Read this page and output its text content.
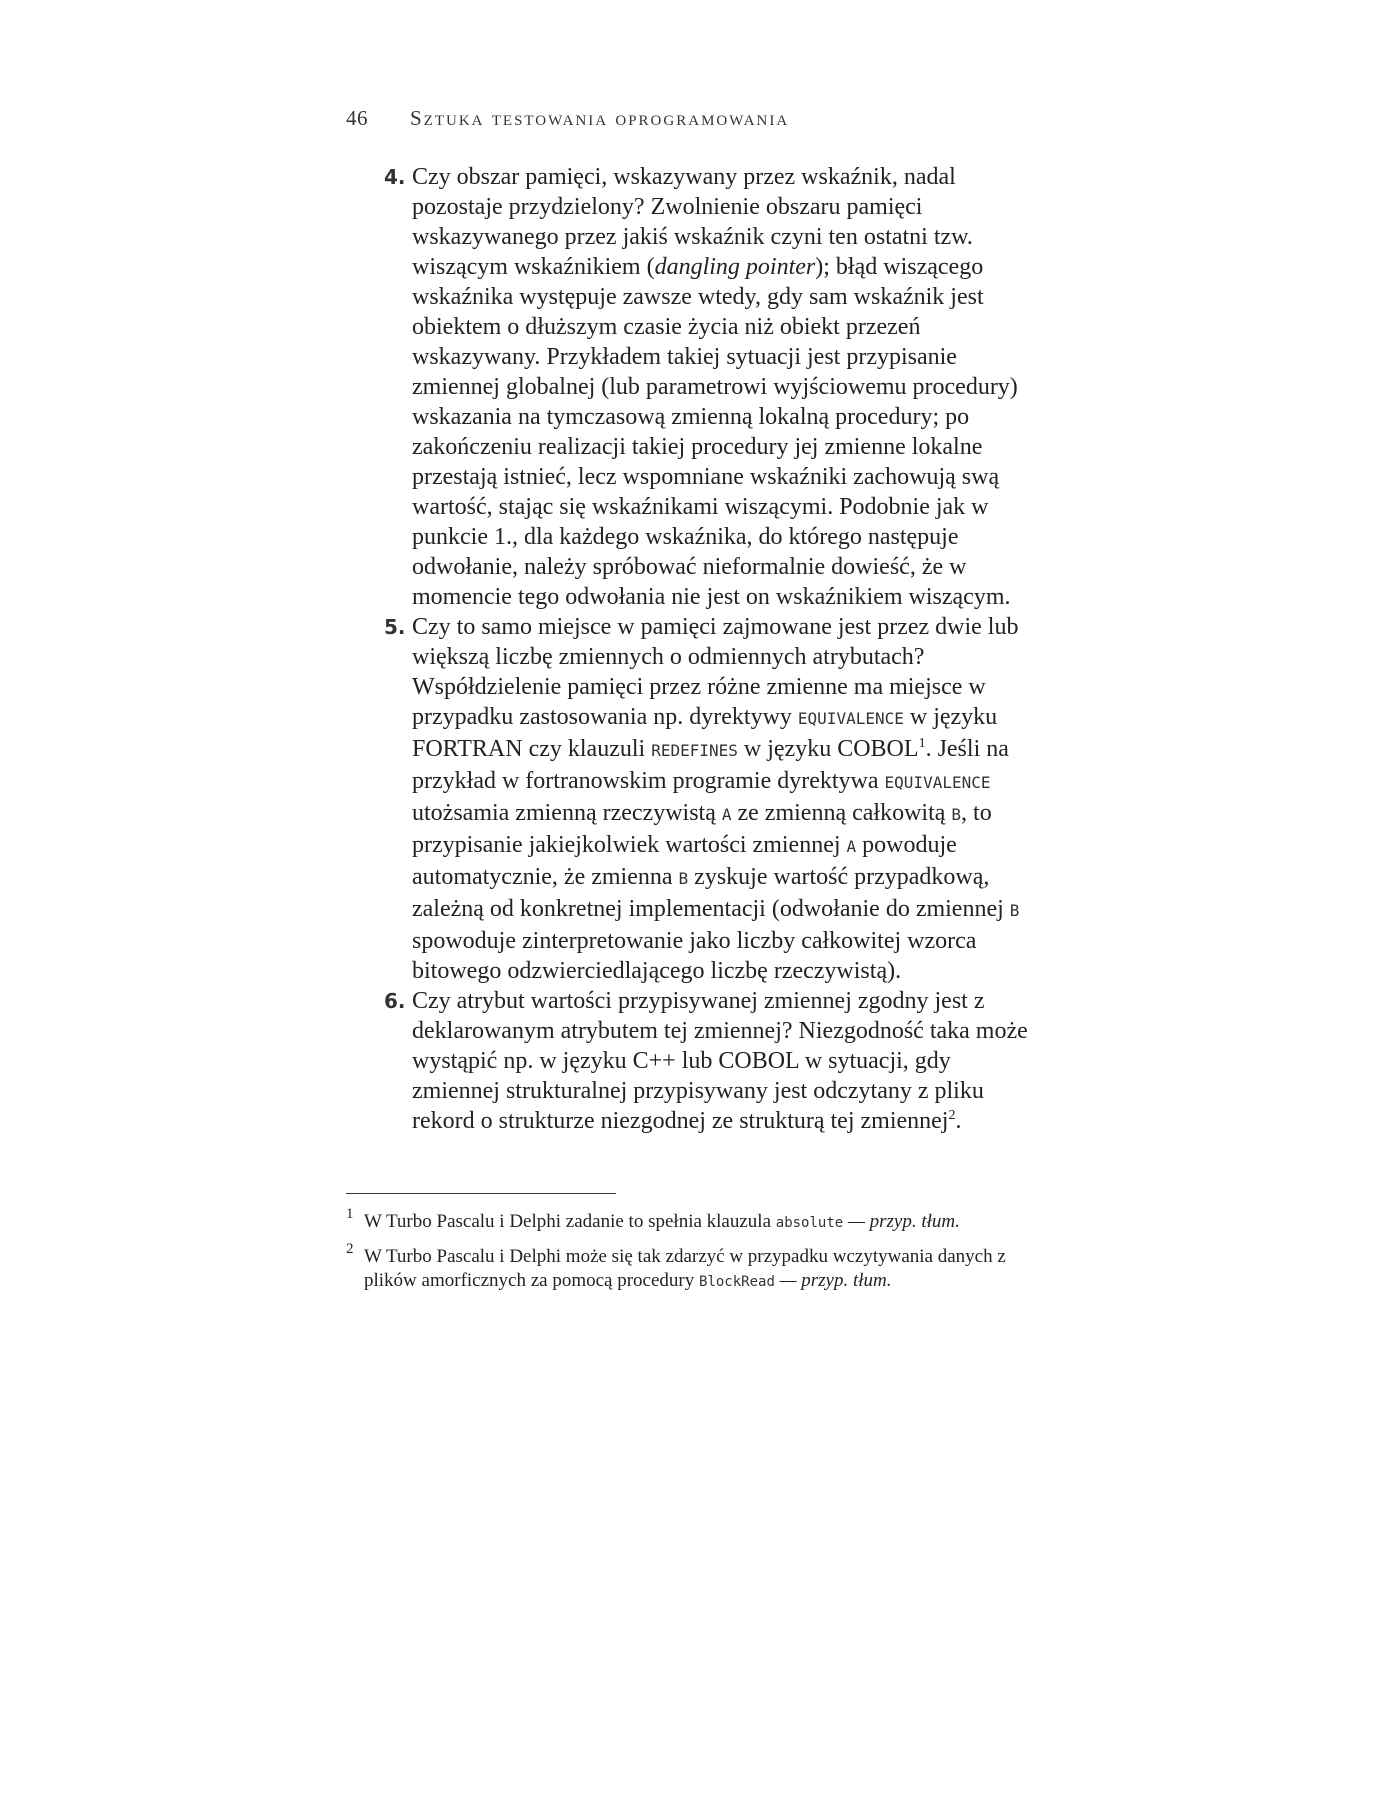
46 Sztuka testowania oprogramowania

4. Czy obszar pamięci, wskazywany przez wskaźnik, nadal pozostaje przydzielony? Zwolnienie obszaru pamięci wskazywanego przez jakiś wskaźnik czyni ten ostatni tzw. wiszącym wskaźnikiem (dangling pointer); błąd wiszącego wskaźnika występuje zawsze wtedy, gdy sam wskaźnik jest obiektem o dłuższym czasie życia niż obiekt przezeń wskazywany. Przykładem takiej sytuacji jest przypisanie zmiennej globalnej (lub parametrowi wyjściowemu procedury) wskazania na tymczasową zmienną lokalną procedury; po zakończeniu realizacji takiej procedury jej zmienne lokalne przestają istnieć, lecz wspomniane wskaźniki zachowują swą wartość, stając się wskaźnikami wiszącymi. Podobnie jak w punkcie 1., dla każdego wskaźnika, do którego następuje odwołanie, należy spróbować nieformalnie dowieść, że w momencie tego odwołania nie jest on wskaźnikiem wiszącym.

5. Czy to samo miejsce w pamięci zajmowane jest przez dwie lub większą liczbę zmiennych o odmiennych atrybutach? Współdzielenie pamięci przez różne zmienne ma miejsce w przypadku zastosowania np. dyrektywy EQUIVALENCE w języku FORTRAN czy klauzuli REDEFINES w języku COBOL$^1$. Jeśli na przykład w fortranowskim programie dyrektywa EQUIVALENCE utożsamia zmienną rzeczywistą A ze zmienną całkowitą B, to przypisanie jakiejkolwiek wartości zmiennej A powoduje automatycznie, że zmienna B zyskuje wartość przypadkową, zależną od konkretnej implementacji (odwołanie do zmiennej B spowoduje zinterpretowanie jako liczby całkowitej wzorca bitowego odzwierciedlającego liczbę rzeczywistą).

6. Czy atrybut wartości przypisywanej zmiennej zgodny jest z deklarowanym atrybutem tej zmiennej? Niezgodność taka może wystąpić np. w języku C++ lub COBOL w sytuacji, gdy zmiennej strukturalnej przypisywany jest odczytany z pliku rekord o strukturze niezgodnej ze strukturą tej zmiennej$^2$.

1 W Turbo Pascalu i Delphi zadanie to spełnia klauzula absolute — przyp. tłum.
2 W Turbo Pascalu i Delphi może się tak zdarzyć w przypadku wczytywania danych z plików amorficznych za pomocą procedury BlockRead — przyp. tłum.
